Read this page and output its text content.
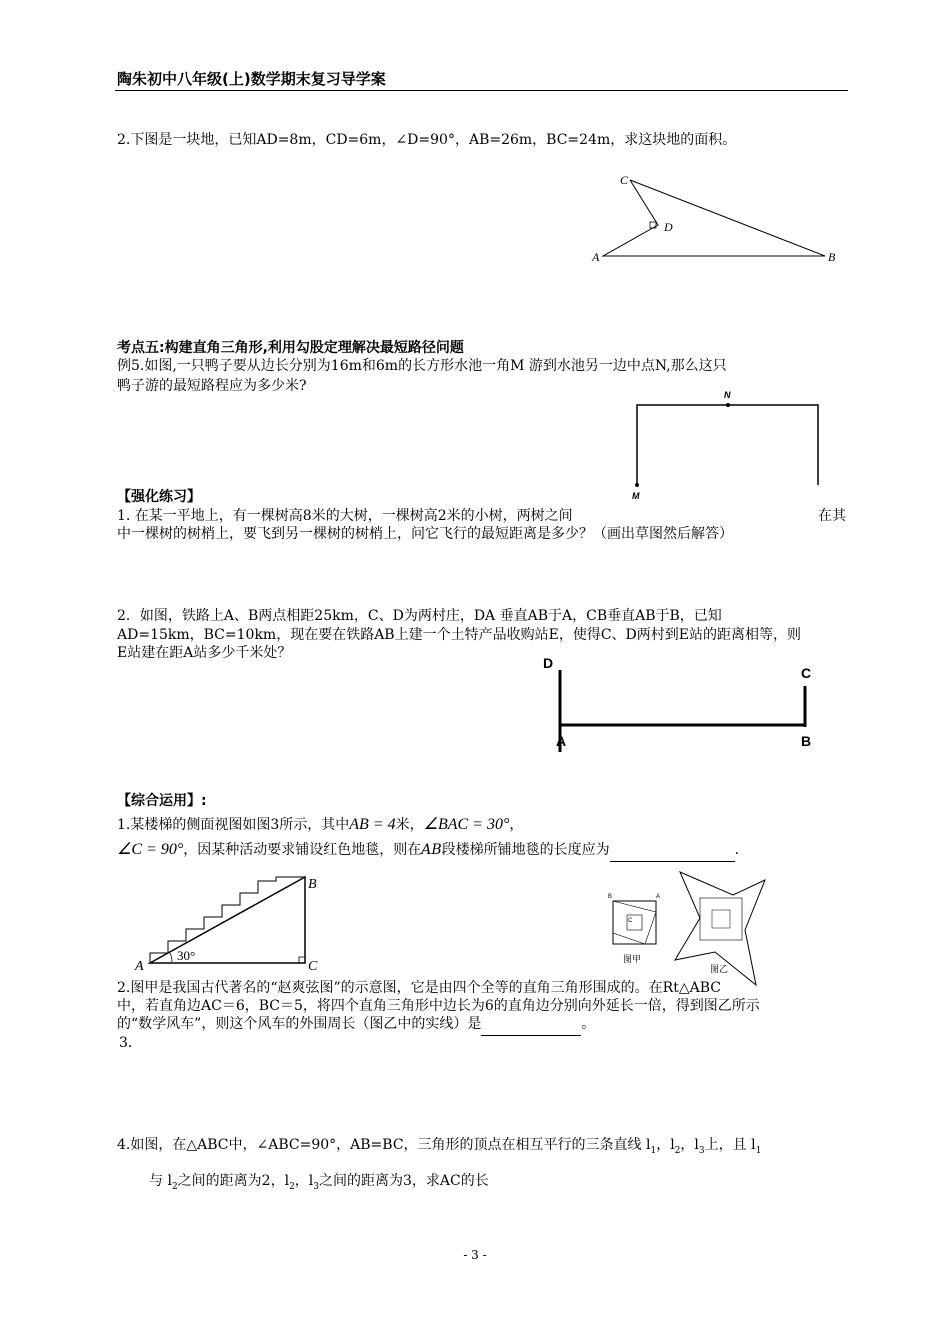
陶朱初中八年级(上)数学期末复习导学案
2.下图是一块地，已知AD=8m，CD=6m，∠D=90°，AB=26m，BC=24m，求这块地的面积。
C
D
A	B
考点五:构建直角三角形,利用勾股定理解决最短路径问题
例5.如图,一只鸭子要从边长分别为16m和6m的长方形水池一角M 游到水池另一边中点N,那么这只
鸭子游的最短路程应为多少米?
N
M
【强化练习】
1. 在某一平地上，有一棵树高8米的大树，一棵树高2米的小树，两树之间	在其
中一棵树的树梢上，要飞到另一棵树的树梢上，问它飞行的最短距离是多少？（画出草图然后解答）
2．如图，铁路上A、B两点相距25km，C、D为两村庄，DA 垂直AB于A，CB垂直AB于B，已知
AD=15km，BC=10km，现在要在铁路AB上建一个土特产品收购站E，使得C、D两村到E站的距离相等，则
E站建在距A站多少千米处？
D
C
A	B
【综合运用】:
1.某楼梯的侧面视图如图3所示，其中AB = 4米，∠BAC = 30°，
∠C = 90°，因某种活动要求铺设红色地毯，则在AB段楼梯所铺地毯的长度应为	.
30°
A
B
C
B	A
C
图甲
图乙
2.图甲是我国古代著名的“赵爽弦图”的示意图，它是由四个全等的直角三角形围成的。在Rt△ABC
中，若直角边AC＝6，BC＝5，将四个直角三角形中边长为6的直角边分别向外延长一倍，得到图乙所示
的“数学风车”，则这个风车的外围周长（图乙中的实线）是	。
3．
4.如图，在△ABC中，∠ABC=90°，AB=BC，三角形的顶点在相互平行的三条直线 $l_1$，$l_2$，$l_3$上，且 $l_1$
与 $l_2$之间的距离为2，$l_2$，$l_3$之间的距离为3，求AC的长
- 3 -
